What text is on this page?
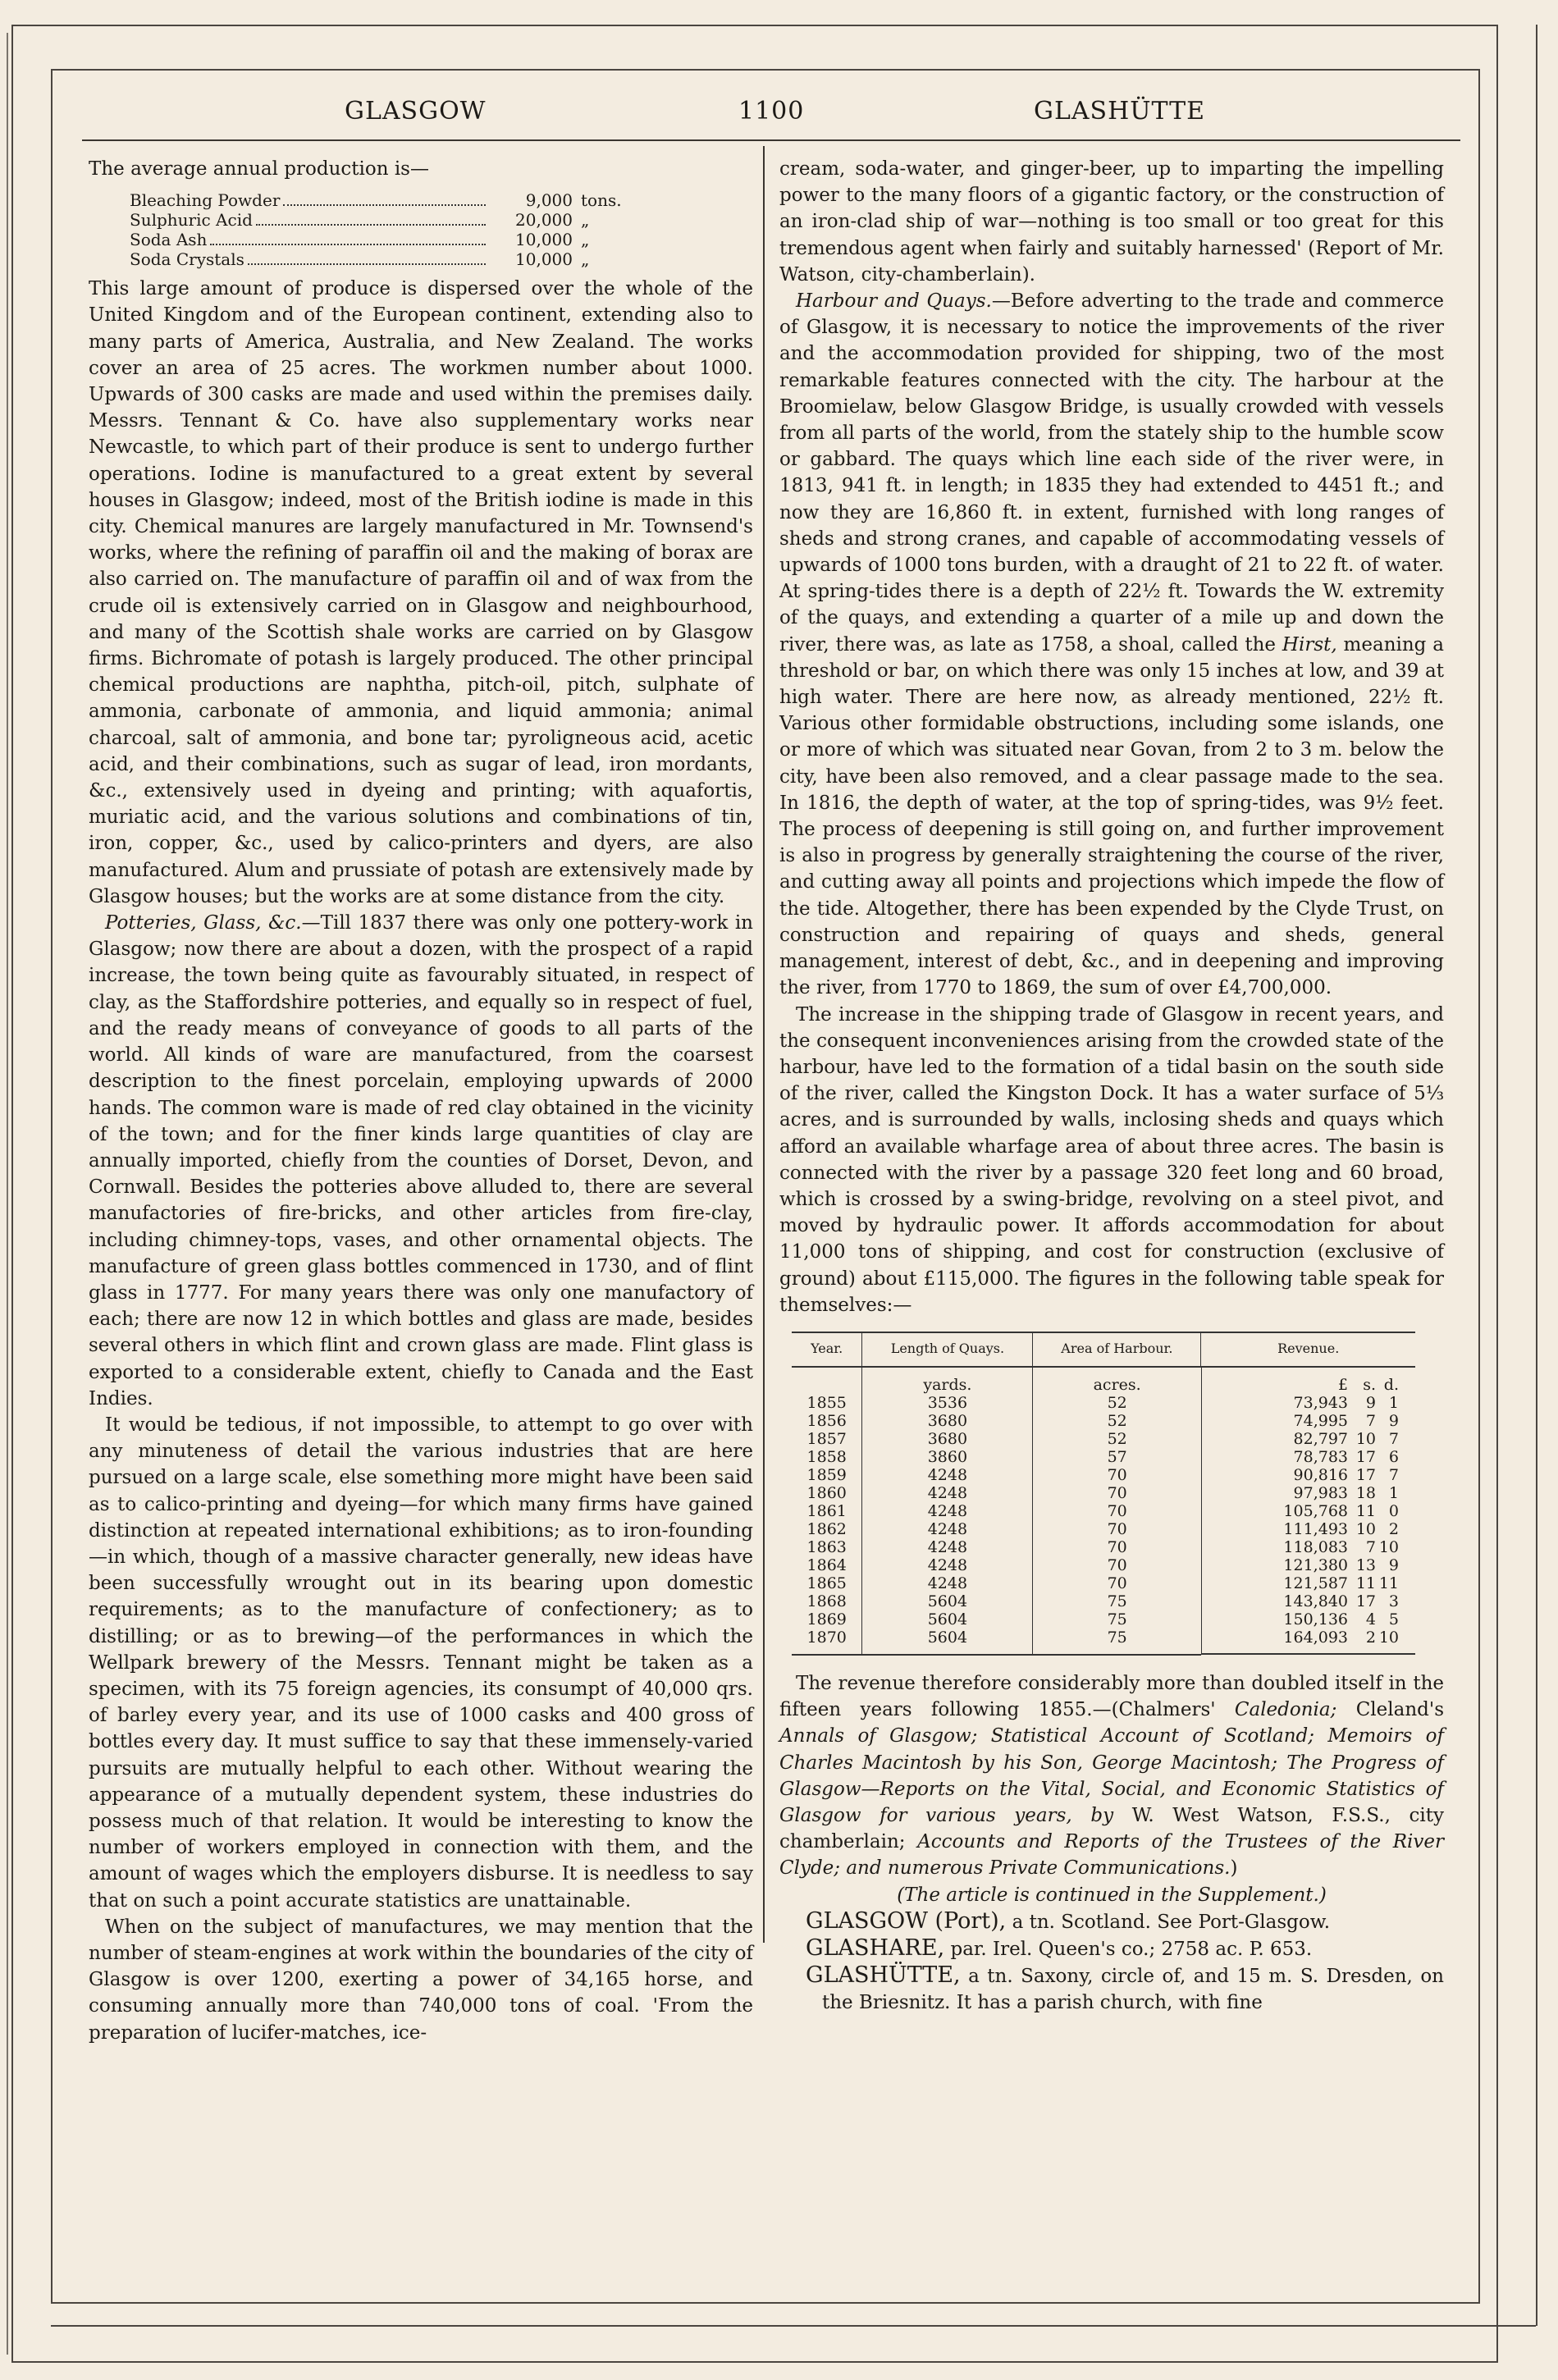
GLASGOW	1100	GLASHÜTTE

The average annual production is—

Bleaching Powder	9,000 tons.
Sulphuric Acid	20,000 „
Soda Ash	10,000 „
Soda Crystals	10,000 „

This large amount of produce is dispersed over the whole of the United Kingdom and of the European continent, extending also to many parts of America, Australia, and New Zealand. The works cover an area of 25 acres. The workmen number about 1000. Upwards of 300 casks are made and used within the premises daily. Messrs. Tennant & Co. have also supplementary works near Newcastle, to which part of their produce is sent to undergo further operations. Iodine is manufactured to a great extent by several houses in Glasgow; indeed, most of the British iodine is made in this city. Chemical manures are largely manufactured in Mr. Townsend's works, where the refining of paraffin oil and the making of borax are also carried on. The manufacture of paraffin oil and of wax from the crude oil is extensively carried on in Glasgow and neighbourhood, and many of the Scottish shale works are carried on by Glasgow firms. Bichromate of potash is largely produced. The other principal chemical productions are naphtha, pitch-oil, pitch, sulphate of ammonia, carbonate of ammonia, and liquid ammonia; animal charcoal, salt of ammonia, and bone tar; pyroligneous acid, acetic acid, and their combinations, such as sugar of lead, iron mordants, &c., extensively used in dyeing and printing; with aquafortis, muriatic acid, and the various solutions and combinations of tin, iron, copper, &c., used by calico-printers and dyers, are also manufactured. Alum and prussiate of potash are extensively made by Glasgow houses; but the works are at some distance from the city.

Potteries, Glass, &c.—Till 1837 there was only one pottery-work in Glasgow; now there are about a dozen, with the prospect of a rapid increase, the town being quite as favourably situated, in respect of clay, as the Staffordshire potteries, and equally so in respect of fuel, and the ready means of conveyance of goods to all parts of the world. All kinds of ware are manufactured, from the coarsest description to the finest porcelain, employing upwards of 2000 hands. The common ware is made of red clay obtained in the vicinity of the town; and for the finer kinds large quantities of clay are annually imported, chiefly from the counties of Dorset, Devon, and Cornwall. Besides the potteries above alluded to, there are several manufactories of fire-bricks, and other articles from fire-clay, including chimney-tops, vases, and other ornamental objects. The manufacture of green glass bottles commenced in 1730, and of flint glass in 1777. For many years there was only one manufactory of each; there are now 12 in which bottles and glass are made, besides several others in which flint and crown glass are made. Flint glass is exported to a considerable extent, chiefly to Canada and the East Indies.

It would be tedious, if not impossible, to attempt to go over with any minuteness of detail the various industries that are here pursued on a large scale, else something more might have been said as to calico-printing and dyeing—for which many firms have gained distinction at repeated international exhibitions; as to iron-founding—in which, though of a massive character generally, new ideas have been successfully wrought out in its bearing upon domestic requirements; as to the manufacture of confectionery; as to distilling; or as to brewing—of the performances in which the Wellpark brewery of the Messrs. Tennant might be taken as a specimen, with its 75 foreign agencies, its consumpt of 40,000 qrs. of barley every year, and its use of 1000 casks and 400 gross of bottles every day. It must suffice to say that these immensely-varied pursuits are mutually helpful to each other. Without wearing the appearance of a mutually dependent system, these industries do possess much of that relation. It would be interesting to know the number of workers employed in connection with them, and the amount of wages which the employers disburse. It is needless to say that on such a point accurate statistics are unattainable.

When on the subject of manufactures, we may mention that the number of steam-engines at work within the boundaries of the city of Glasgow is over 1200, exerting a power of 34,165 horse, and consuming annually more than 740,000 tons of coal. 'From the preparation of lucifer-matches, ice-

cream, soda-water, and ginger-beer, up to imparting the impelling power to the many floors of a gigantic factory, or the construction of an iron-clad ship of war—nothing is too small or too great for this tremendous agent when fairly and suitably harnessed' (Report of Mr. Watson, city-chamberlain).

Harbour and Quays.—Before adverting to the trade and commerce of Glasgow, it is necessary to notice the improvements of the river and the accommodation provided for shipping, two of the most remarkable features connected with the city. The harbour at the Broomielaw, below Glasgow Bridge, is usually crowded with vessels from all parts of the world, from the stately ship to the humble scow or gabbard. The quays which line each side of the river were, in 1813, 941 ft. in length; in 1835 they had extended to 4451 ft.; and now they are 16,860 ft. in extent, furnished with long ranges of sheds and strong cranes, and capable of accommodating vessels of upwards of 1000 tons burden, with a draught of 21 to 22 ft. of water. At spring-tides there is a depth of 22½ ft. Towards the W. extremity of the quays, and extending a quarter of a mile up and down the river, there was, as late as 1758, a shoal, called the Hirst, meaning a threshold or bar, on which there was only 15 inches at low, and 39 at high water. There are here now, as already mentioned, 22½ ft. Various other formidable obstructions, including some islands, one or more of which was situated near Govan, from 2 to 3 m. below the city, have been also removed, and a clear passage made to the sea. In 1816, the depth of water, at the top of spring-tides, was 9½ feet. The process of deepening is still going on, and further improvement is also in progress by generally straightening the course of the river, and cutting away all points and projections which impede the flow of the tide. Altogether, there has been expended by the Clyde Trust, on construction and repairing of quays and sheds, general management, interest of debt, &c., and in deepening and improving the river, from 1770 to 1869, the sum of over £4,700,000.

The increase in the shipping trade of Glasgow in recent years, and the consequent inconveniences arising from the crowded state of the harbour, have led to the formation of a tidal basin on the south side of the river, called the Kingston Dock. It has a water surface of 5⅓ acres, and is surrounded by walls, inclosing sheds and quays which afford an available wharfage area of about three acres. The basin is connected with the river by a passage 320 feet long and 60 broad, which is crossed by a swing-bridge, revolving on a steel pivot, and moved by hydraulic power. It affords accommodation for about 11,000 tons of shipping, and cost for construction (exclusive of ground) about £115,000. The figures in the following table speak for themselves:—

Year.	Length of Quays.	Area of Harbour.	Revenue.
	yards.	acres.		£ s. d.

1855	3536	52		73,943	9 1

1856	3680	52		74,995	7 9

1857	3680	52		82,797 10 7

1858	3860	57		78,783 17 6

1859	4248	70		90,816 17 7

1860	4248	70		97,983 18 1

1861	4248	70		105,768 11 0

1862	4248	70		111,493 10 2

1863	4248	70		118,083	7 10

1864	4248	70		121,380 13 9

1865	4248	70		121,587 11 11

1868	5604	75		143,840 17 3

1869	5604	75		150,136	4 5

1870	5604	75		164,093	2 10

The revenue therefore considerably more than doubled itself in the fifteen years following 1855.—(Chalmers' Caledonia; Cleland's Annals of Glasgow; Statistical Account of Scotland; Memoirs of Charles Macintosh by his Son, George Macintosh; The Progress of Glasgow—Reports on the Vital, Social, and Economic Statistics of Glasgow for various years, by W. West Watson, F.S.S., city chamberlain; Accounts and Reports of the Trustees of the River Clyde; and numerous Private Communications.)

(The article is continued in the Supplement.)

GLASGOW (Port), a tn. Scotland. See Port-Glasgow.

GLASHARE, par. Irel. Queen's co.; 2758 ac. P. 653.

GLASHÜTTE, a tn. Saxony, circle of, and 15 m. S. Dresden, on the Briesnitz. It has a parish church, with fine
